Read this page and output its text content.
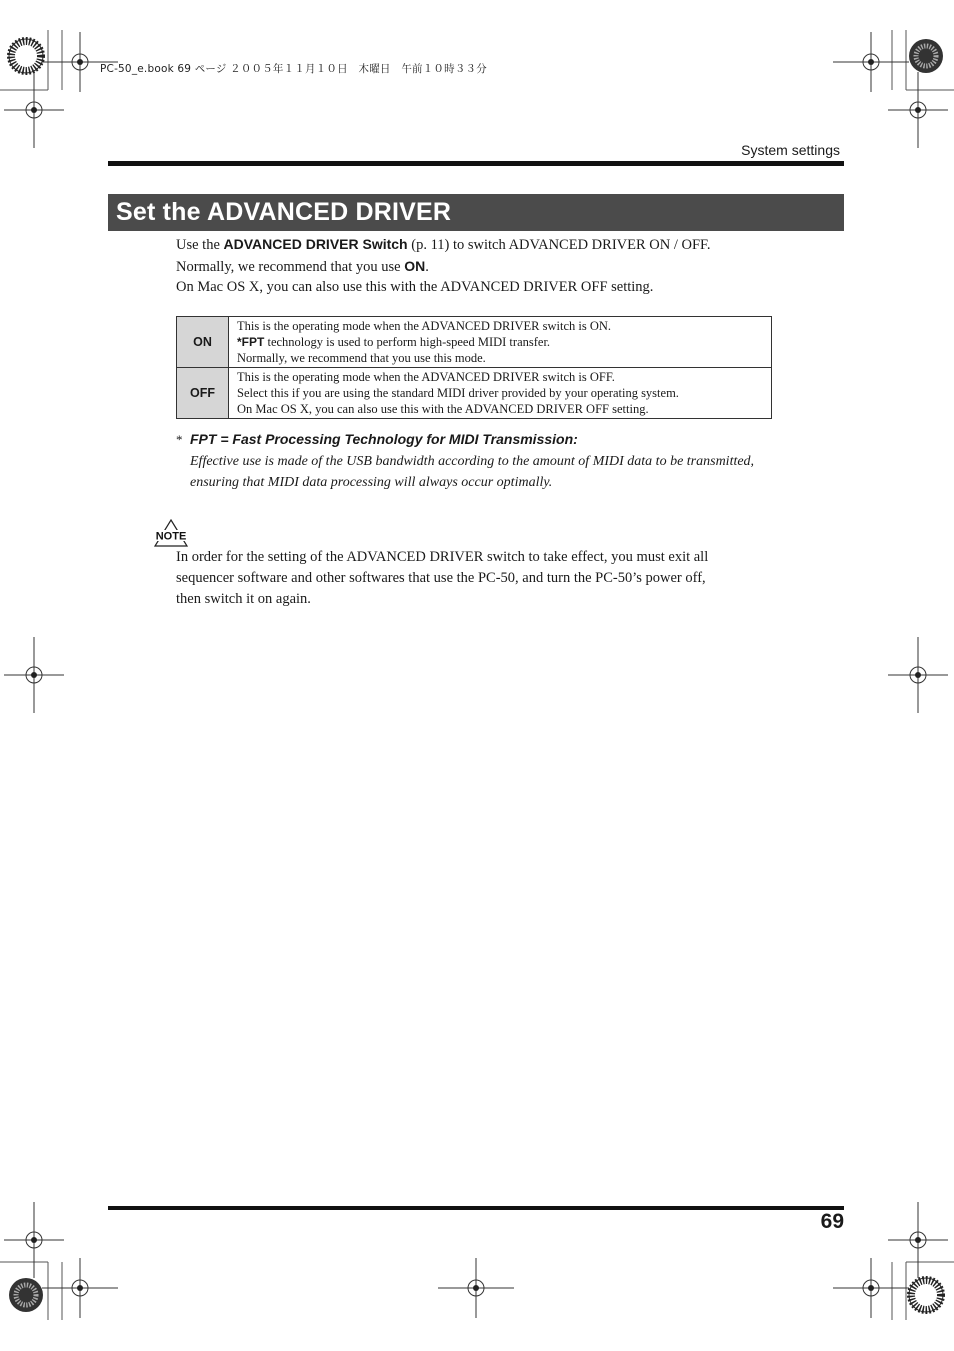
PC-50_e.book 69 ページ ２００５年１１月１０日　木曜日　午前１０時３３分
System settings
Set the ADVANCED DRIVER

Use the ADVANCED DRIVER Switch (p. 11) to switch ADVANCED DRIVER ON / OFF.

Normally, we recommend that you use ON.

On Mac OS X, you can also use this with the ADVANCED DRIVER OFF setting.

ON	This is the operating mode when the ADVANCED DRIVER switch is ON.
*FPT technology is used to perform high-speed MIDI transfer.
Normally, we recommend that you use this mode.

OFF	This is the operating mode when the ADVANCED DRIVER switch is OFF.
Select this if you are using the standard MIDI driver provided by your operating system.
On Mac OS X, you can also use this with the ADVANCED DRIVER OFF setting.
* FPT = Fast Processing Technology for MIDI Transmission:

Effective use is made of the USB bandwidth according to the amount of MIDI data to be transmitted,

ensuring that MIDI data processing will always occur optimally.

NOTE

In order for the setting of the ADVANCED DRIVER switch to take effect, you must exit all

sequencer software and other softwares that use the PC-50, and turn the PC-50’s power off,

then switch it on again.

69
